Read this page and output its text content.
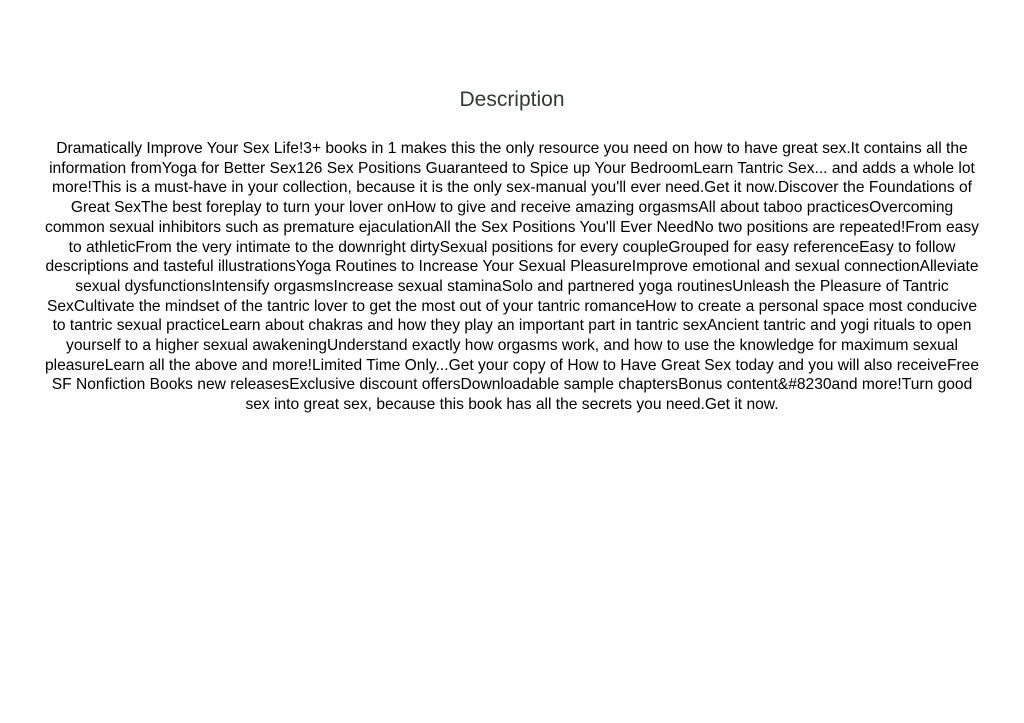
Description

Dramatically Improve Your Sex Life!3+ books in 1 makes this the only resource you need on how to have great sex.It contains all the information fromYoga for Better Sex126 Sex Positions Guaranteed to Spice up Your BedroomLearn Tantric Sex... and adds a whole lot more!This is a must-have in your collection, because it is the only sex-manual you'll ever need.Get it now.Discover the Foundations of Great SexThe best foreplay to turn your lover onHow to give and receive amazing orgasmsAll about taboo practicesOvercoming common sexual inhibitors such as premature ejaculationAll the Sex Positions You'll Ever NeedNo two positions are repeated!From easy to athleticFrom the very intimate to the downright dirtySexual positions for every coupleGrouped for easy referenceEasy to follow descriptions and tasteful illustrationsYoga Routines to Increase Your Sexual PleasureImprove emotional and sexual connectionAlleviate sexual dysfunctionsIntensify orgasmsIncrease sexual staminaSolo and partnered yoga routinesUnleash the Pleasure of Tantric SexCultivate the mindset of the tantric lover to get the most out of your tantric romanceHow to create a personal space most conducive to tantric sexual practiceLearn about chakras and how they play an important part in tantric sexAncient tantric and yogi rituals to open yourself to a higher sexual awakeningUnderstand exactly how orgasms work, and how to use the knowledge for maximum sexual pleasureLearn all the above and more!Limited Time Only...Get your copy of How to Have Great Sex today and you will also receiveFree SF Nonfiction Books new releasesExclusive discount offersDownloadable sample chaptersBonus content&#8230and more!Turn good sex into great sex, because this book has all the secrets you need.Get it now.
